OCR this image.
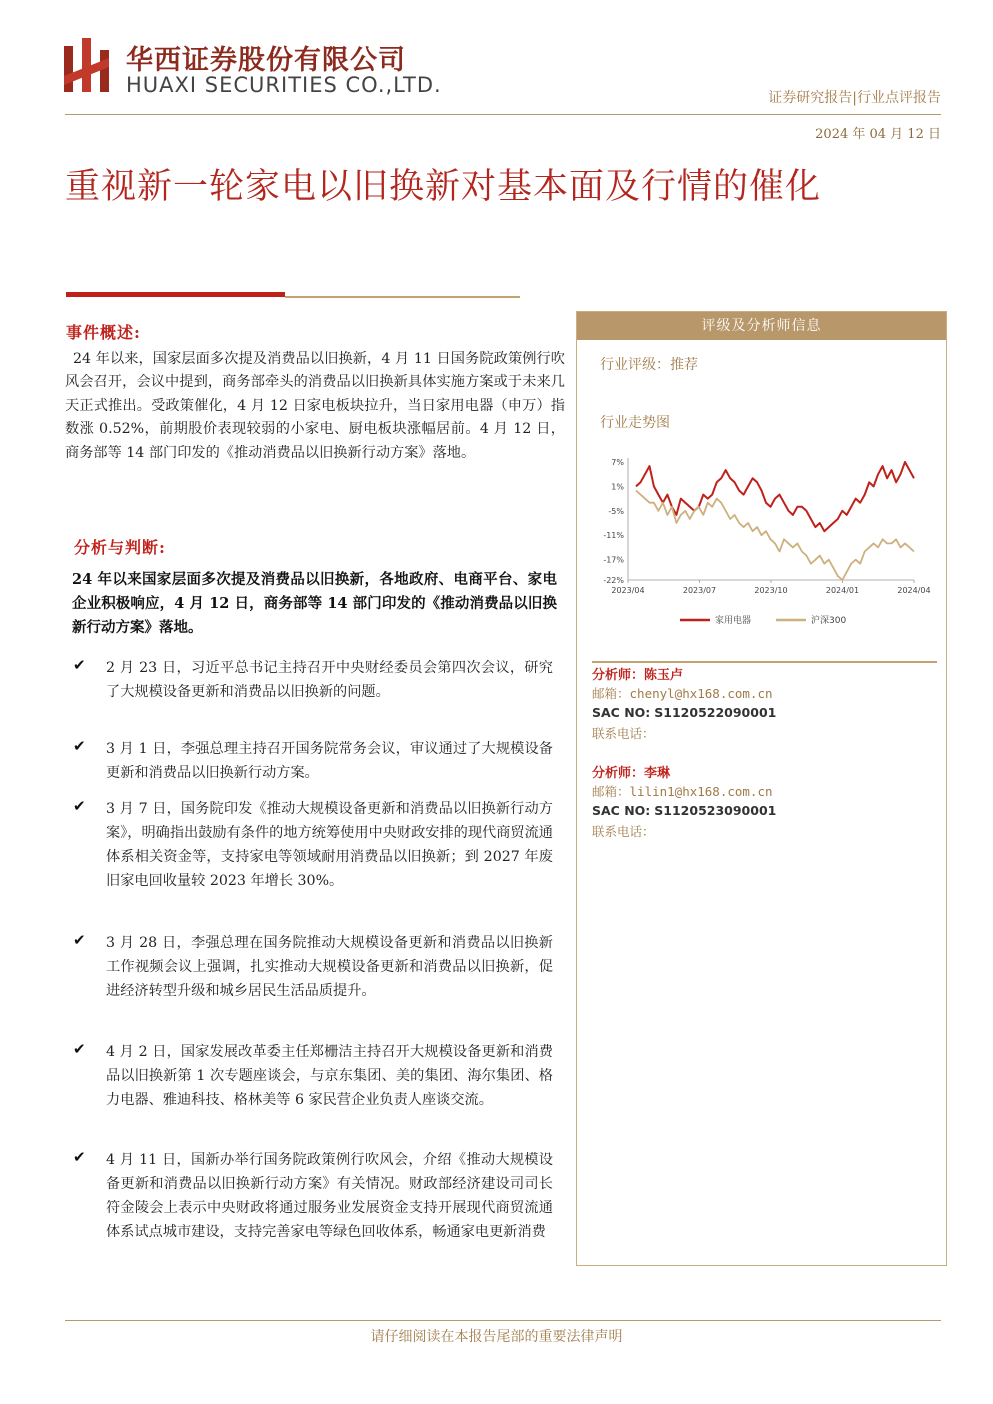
华西证券股份有限公司
HUAXI SECURITIES CO.,LTD.
证券研究报告|行业点评报告
2024 年 04 月 12 日
重视新一轮家电以旧换新对基本面及行情的催化
事件概述:
24 年以来，国家层面多次提及消费品以旧换新，4 月 11 日国务院政策例行吹风会召开，会议中提到，商务部牵头的消费品以旧换新具体实施方案或于未来几天正式推出。受政策催化，4 月 12 日家电板块拉升，当日家用电器（申万）指数涨 0.52%，前期股价表现较弱的小家电、厨电板块涨幅居前。4 月 12 日，商务部等 14 部门印发的《推动消费品以旧换新行动方案》落地。
分析与判断:
24 年以来国家层面多次提及消费品以旧换新，各地政府、电商平台、家电企业积极响应，4 月 12 日，商务部等 14 部门印发的《推动消费品以旧换新行动方案》落地。
✔ 2 月 23 日，习近平总书记主持召开中央财经委员会第四次会议，研究了大规模设备更新和消费品以旧换新的问题。
✔ 3 月 1 日，李强总理主持召开国务院常务会议，审议通过了大规模设备更新和消费品以旧换新行动方案。
✔ 3 月 7 日，国务院印发《推动大规模设备更新和消费品以旧换新行动方案》，明确指出鼓励有条件的地方统筹使用中央财政安排的现代商贸流通体系相关资金等，支持家电等领域耐用消费品以旧换新；到 2027 年废旧家电回收量较 2023 年增长 30%。
✔ 3 月 28 日，李强总理在国务院推动大规模设备更新和消费品以旧换新工作视频会议上强调，扎实推动大规模设备更新和消费品以旧换新，促进经济转型升级和城乡居民生活品质提升。
✔ 4 月 2 日，国家发展改革委主任郑栅洁主持召开大规模设备更新和消费品以旧换新第 1 次专题座谈会，与京东集团、美的集团、海尔集团、格力电器、雅迪科技、格林美等 6 家民营企业负责人座谈交流。
✔ 4 月 11 日，国新办举行国务院政策例行吹风会，介绍《推动大规模设备更新和消费品以旧换新行动方案》有关情况。财政部经济建设司司长符金陵会上表示中央财政将通过服务业发展资金支持开展现代商贸流通体系试点城市建设，支持完善家电等绿色回收体系，畅通家电更新消费
评级及分析师信息
行业评级：推荐
行业走势图
7%
1%
-5%
-11%
-17%
-22%
2023/04	2023/07	2023/10	2024/01	2024/04
家用电器	沪深300
分析师：陈玉卢
邮箱：chenyl@hx168.com.cn
SAC NO: S1120522090001
联系电话：
分析师：李琳
邮箱：lilin1@hx168.com.cn
SAC NO: S1120523090001
联系电话：
请仔细阅读在本报告尾部的重要法律声明
